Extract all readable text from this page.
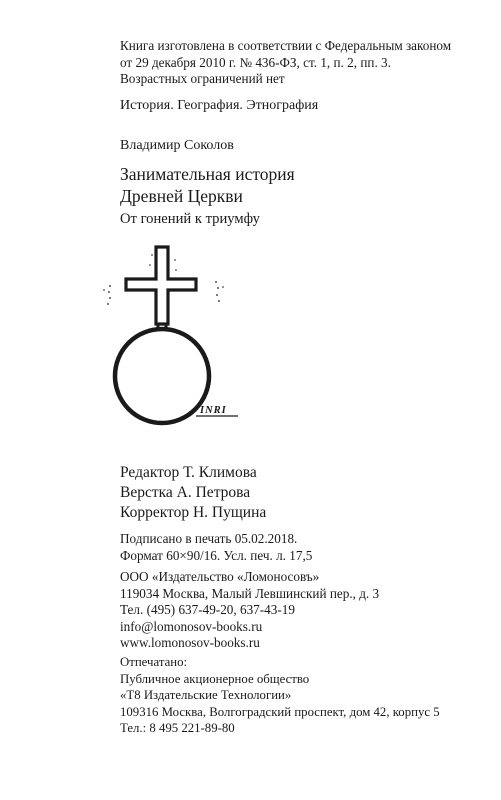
Книга изготовлена в соответствии с Федеральным законом
от 29 декабря 2010 г. № 436-ФЗ, ст. 1, п. 2, пп. 3.
Возрастных ограничений нет
История. География. Этнография
Владимир Соколов
Занимательная история
Древней Церкви
От гонений к триумфу
INRI
Редактор Т. Климова
Верстка А. Петрова
Корректор Н. Пущина
Подписано в печать 05.02.2018.
Формат 60×90/16. Усл. печ. л. 17,5
ООО «Издательство «Ломоносовъ»
119034 Москва, Малый Левшинский пер., д. 3
Тел. (495) 637-49-20, 637-43-19
info@lomonosov-books.ru
www.lomonosov-books.ru
Отпечатано:
Публичное акционерное общество
«Т8 Издательские Технологии»
109316 Москва, Волгоградский проспект, дом 42, корпус 5
Тел.: 8 495 221-89-80
